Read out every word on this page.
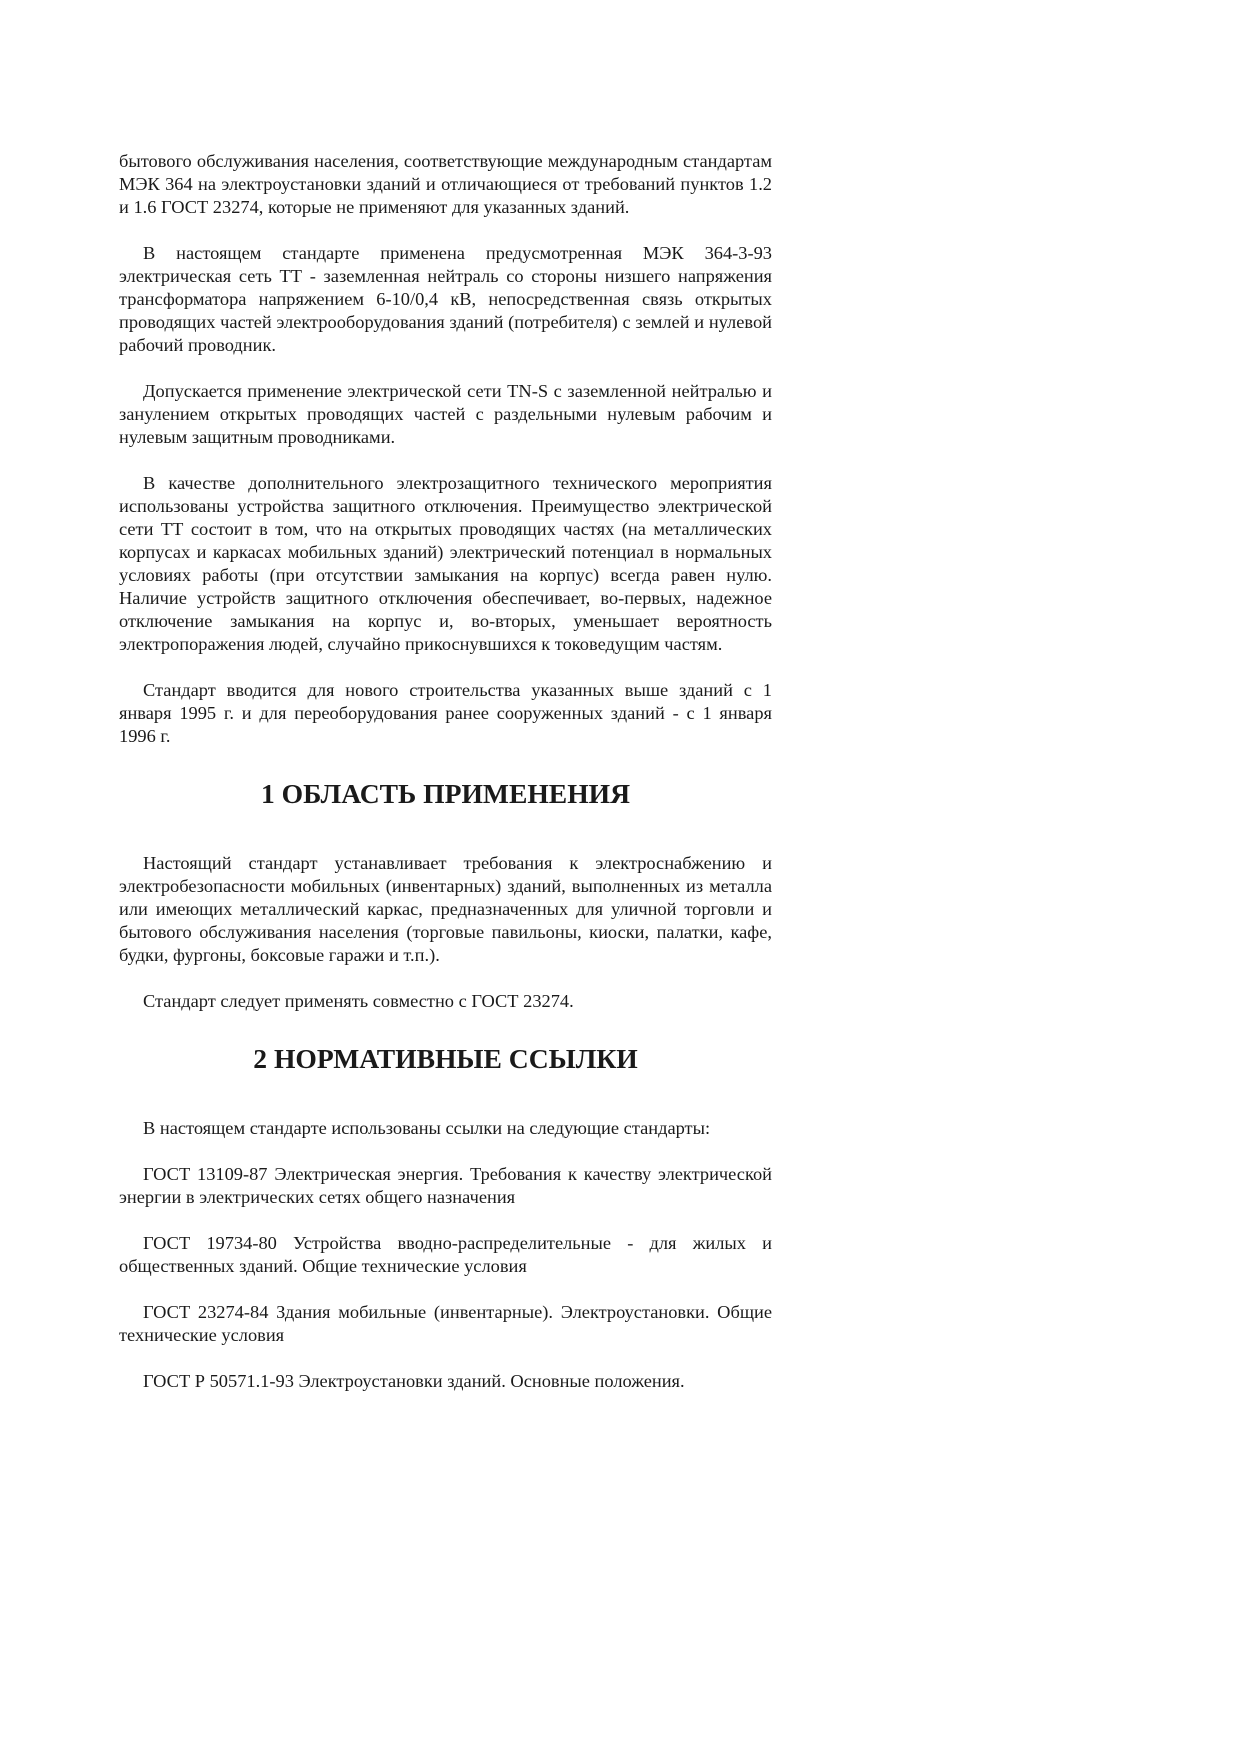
бытового обслуживания населения, соответствующие международным стандартам МЭК 364 на электроустановки зданий и отличающиеся от требований пунктов 1.2 и 1.6 ГОСТ 23274, которые не применяют для указанных зданий.

В настоящем стандарте применена предусмотренная МЭК 364-3-93 электрическая сеть ТТ - заземленная нейтраль со стороны низшего напряжения трансформатора напряжением 6-10/0,4 кВ, непосредственная связь открытых проводящих частей электрооборудования зданий (потребителя) с землей и нулевой рабочий проводник.

Допускается применение электрической сети TN-S с заземленной нейтралью и занулением открытых проводящих частей с раздельными нулевым рабочим и нулевым защитным проводниками.

В качестве дополнительного электрозащитного технического мероприятия использованы устройства защитного отключения. Преимущество электрической сети ТТ состоит в том, что на открытых проводящих частях (на металлических корпусах и каркасах мобильных зданий) электрический потенциал в нормальных условиях работы (при отсутствии замыкания на корпус) всегда равен нулю. Наличие устройств защитного отключения обеспечивает, во-первых, надежное отключение замыкания на корпус и, во-вторых, уменьшает вероятность электропоражения людей, случайно прикоснувшихся к токоведущим частям.

Стандарт вводится для нового строительства указанных выше зданий с 1 января 1995 г. и для переоборудования ранее сооруженных зданий - с 1 января 1996 г.

1 ОБЛАСТЬ ПРИМЕНЕНИЯ

Настоящий стандарт устанавливает требования к электроснабжению и электробезопасности мобильных (инвентарных) зданий, выполненных из металла или имеющих металлический каркас, предназначенных для уличной торговли и бытового обслуживания населения (торговые павильоны, киоски, палатки, кафе, будки, фургоны, боксовые гаражи и т.п.).

Стандарт следует применять совместно с ГОСТ 23274.

2 НОРМАТИВНЫЕ ССЫЛКИ

В настоящем стандарте использованы ссылки на следующие стандарты:

ГОСТ 13109-87 Электрическая энергия. Требования к качеству электрической энергии в электрических сетях общего назначения

ГОСТ 19734-80 Устройства вводно-распределительные - для жилых и общественных зданий. Общие технические условия

ГОСТ 23274-84 Здания мобильные (инвентарные). Электроустановки. Общие технические условия

ГОСТ Р 50571.1-93 Электроустановки зданий. Основные положения.
